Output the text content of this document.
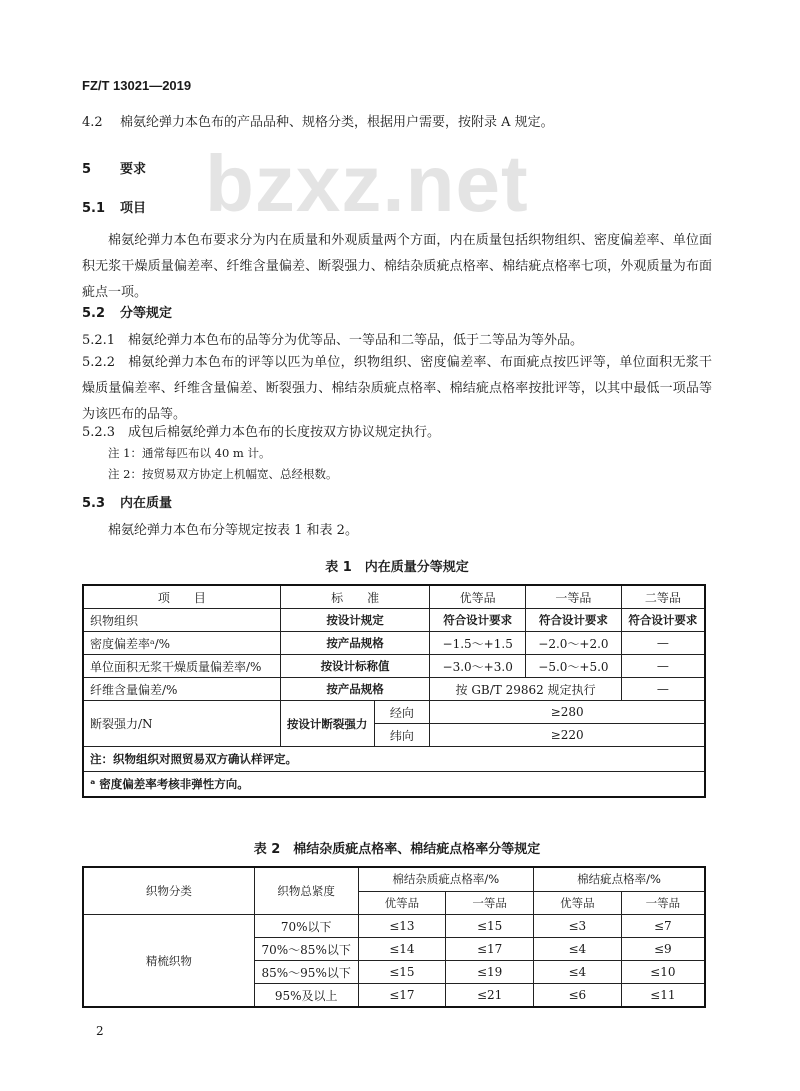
FZ/T 13021—2019
bzxz.net
4.2 棉氨纶弹力本色布的产品品种、规格分类，根据用户需要，按附录 A 规定。
5 要求
5.1 项目
棉氨纶弹力本色布要求分为内在质量和外观质量两个方面，内在质量包括织物组织、密度偏差率、单位面积无浆干燥质量偏差率、纤维含量偏差、断裂强力、棉结杂质疵点格率、棉结疵点格率七项，外观质量为布面疵点一项。
5.2 分等规定
5.2.1 棉氨纶弹力本色布的品等分为优等品、一等品和二等品，低于二等品为等外品。
5.2.2 棉氨纶弹力本色布的评等以匹为单位，织物组织、密度偏差率、布面疵点按匹评等，单位面积无浆干燥质量偏差率、纤维含量偏差、断裂强力、棉结杂质疵点格率、棉结疵点格率按批评等，以其中最低一项品等为该匹布的品等。
5.2.3 成包后棉氨纶弹力本色布的长度按双方协议规定执行。
注 1：通常每匹布以 40 m 计。
注 2：按贸易双方协定上机幅宽、总经根数。
5.3 内在质量
棉氨纶弹力本色布分等规定按表 1 和表 2。
表 1　内在质量分等规定
项　　目	标　　准		优等品	一等品	二等品
织物组织	按设计规定		符合设计要求	符合设计要求	符合设计要求
密度偏差率ᵃ/%	按产品规格		−1.5～+1.5	−2.0～+2.0	—
单位面积无浆干燥质量偏差率/%	按设计标称值		−3.0～+3.0	−5.0～+5.0	—
纤维含量偏差/%	按产品规格		按 GB/T 29862 规定执行		—
断裂强力/N	按设计断裂强力	经向	≥280		
		纬向	≥220		
注：织物组织对照贸易双方确认样评定。					
ᵃ 密度偏差率考核非弹性方向。					
表 2　棉结杂质疵点格率、棉结疵点格率分等规定
织物分类	织物总紧度	棉结杂质疵点格率/%		棉结疵点格率/%	
		优等品	一等品	优等品	一等品
精梳织物	70%以下	≤13	≤15	≤3	≤7
	70%～85%以下	≤14	≤17	≤4	≤9
	85%～95%以下	≤15	≤19	≤4	≤10
	95%及以上	≤17	≤21	≤6	≤11
2
